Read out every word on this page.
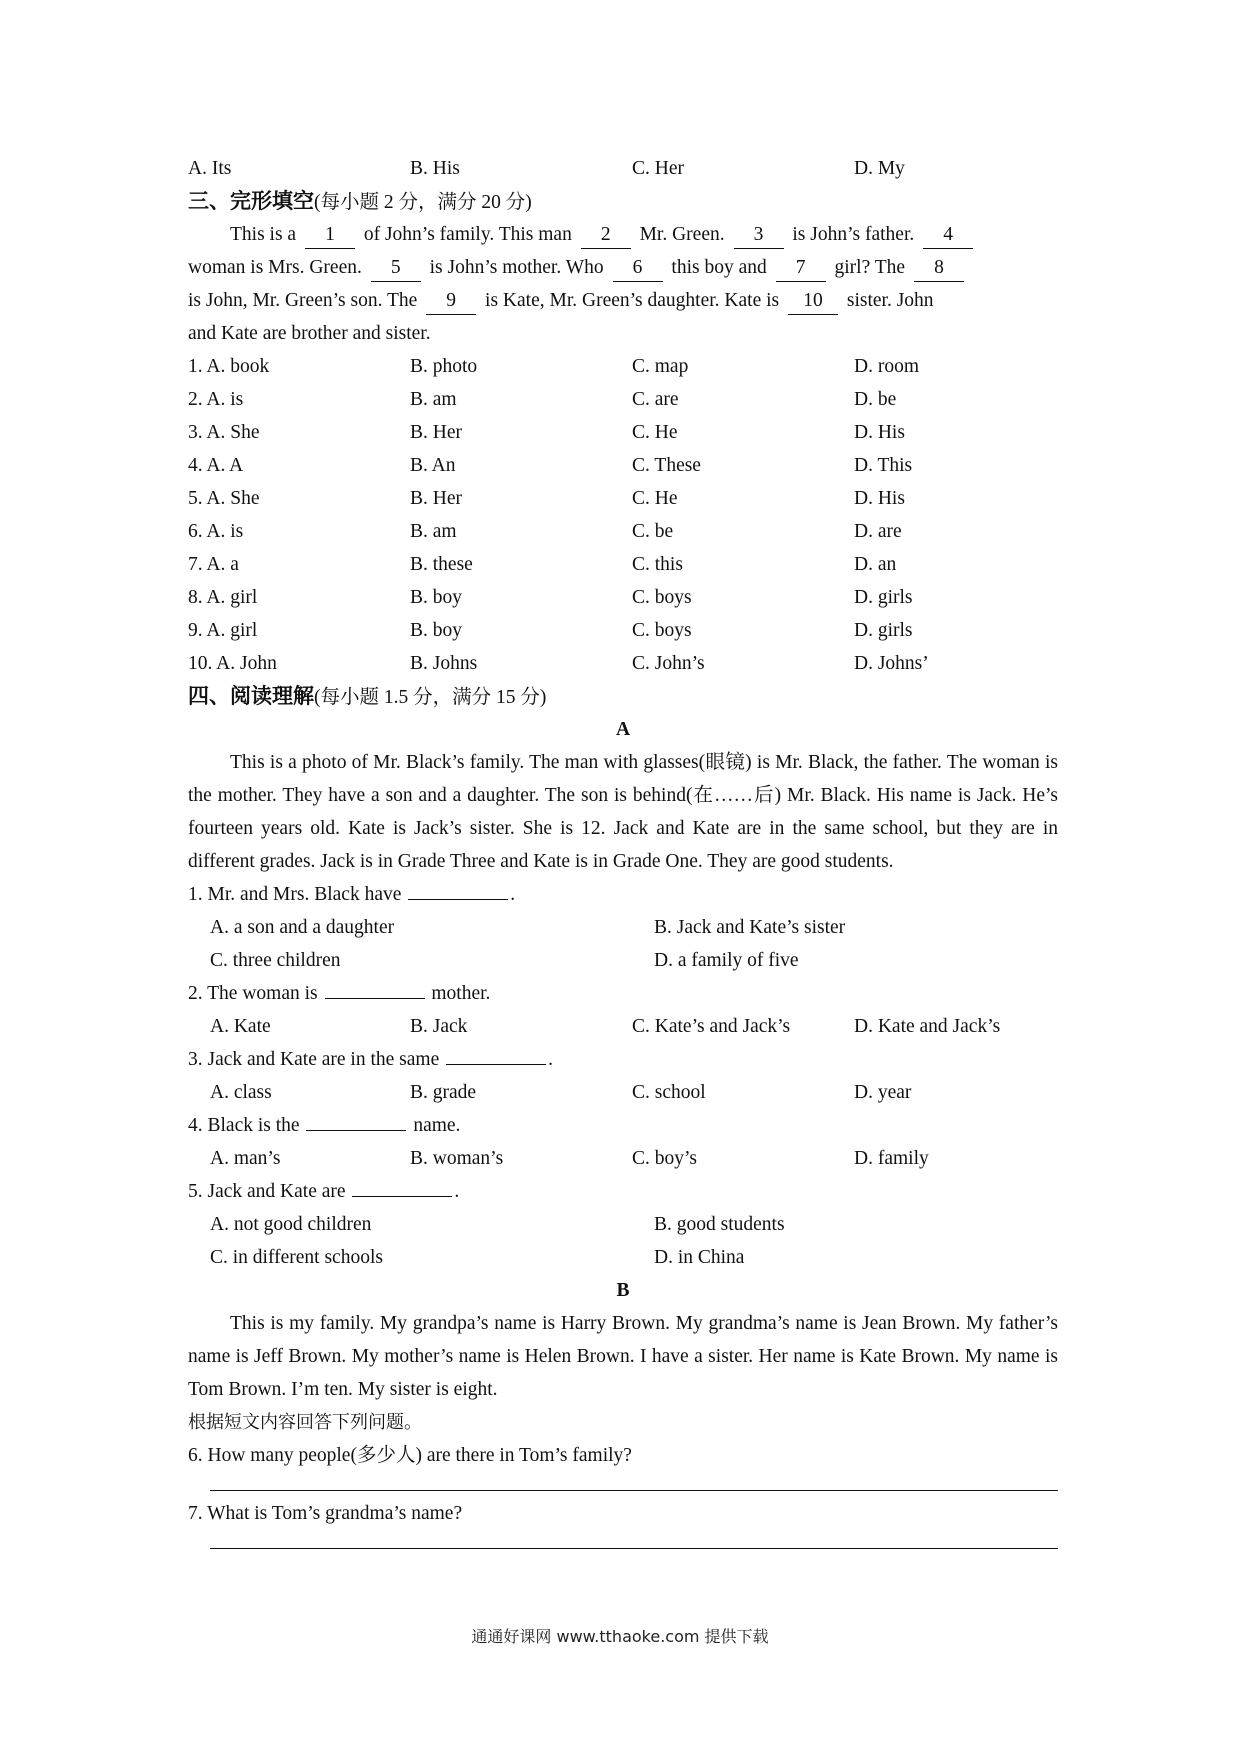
A. Its	B. His	C. Her	D. My
三、完形填空(每小题 2 分，满分 20 分)
This is a 1 of John’s family. This man 2 Mr. Green. 3 is John’s father. 4
woman is Mrs. Green. 5 is John’s mother. Who 6 this boy and 7 girl? The 8
is John, Mr. Green’s son. The 9 is Kate, Mr. Green’s daughter. Kate is 10 sister. John
and Kate are brother and sister.
1. A. book	B. photo	C. map	D. room
2. A. is	B. am	C. are	D. be
3. A. She	B. Her	C. He	D. His
4. A. A	B. An	C. These	D. This
5. A. She	B. Her	C. He	D. His
6. A. is	B. am	C. be	D. are
7. A. a	B. these	C. this	D. an
8. A. girl	B. boy	C. boys	D. girls
9. A. girl	B. boy	C. boys	D. girls
10. A. John	B. Johns	C. John’s	D. Johns’
四、阅读理解(每小题 1.5 分，满分 15 分)
A

This is a photo of Mr. Black’s family. The man with glasses(眼镜) is Mr. Black, the father. The woman is the mother. They have a son and a daughter. The son is behind(在……后) Mr. Black. His name is Jack. He’s fourteen years old. Kate is Jack’s sister. She is 12. Jack and Kate are in the same school, but they are in different grades. Jack is in Grade Three and Kate is in Grade One. They are good students.

1. Mr. and Mrs. Black have	.
A. a son and a daughter	B. Jack and Kate’s sister
C. three children	D. a family of five
2. The woman is	mother.
A. Kate	B. Jack	C. Kate’s and Jack’s	D. Kate and Jack’s
3. Jack and Kate are in the same	.
A. class	B. grade	C. school	D. year
4. Black is the	name.
A. man’s	B. woman’s	C. boy’s	D. family
5. Jack and Kate are	.
A. not good children	B. good students
C. in different schools	D. in China
B

This is my family. My grandpa’s name is Harry Brown. My grandma’s name is Jean Brown. My father’s name is Jeff Brown. My mother’s name is Helen Brown. I have a sister. Her name is Kate Brown. My name is Tom Brown. I’m ten. My sister is eight.

根据短文内容回答下列问题。
6. How many people(多少人) are there in Tom’s family?
7. What is Tom’s grandma’s name?
通通好课网 www.tthaoke.com 提供下载
